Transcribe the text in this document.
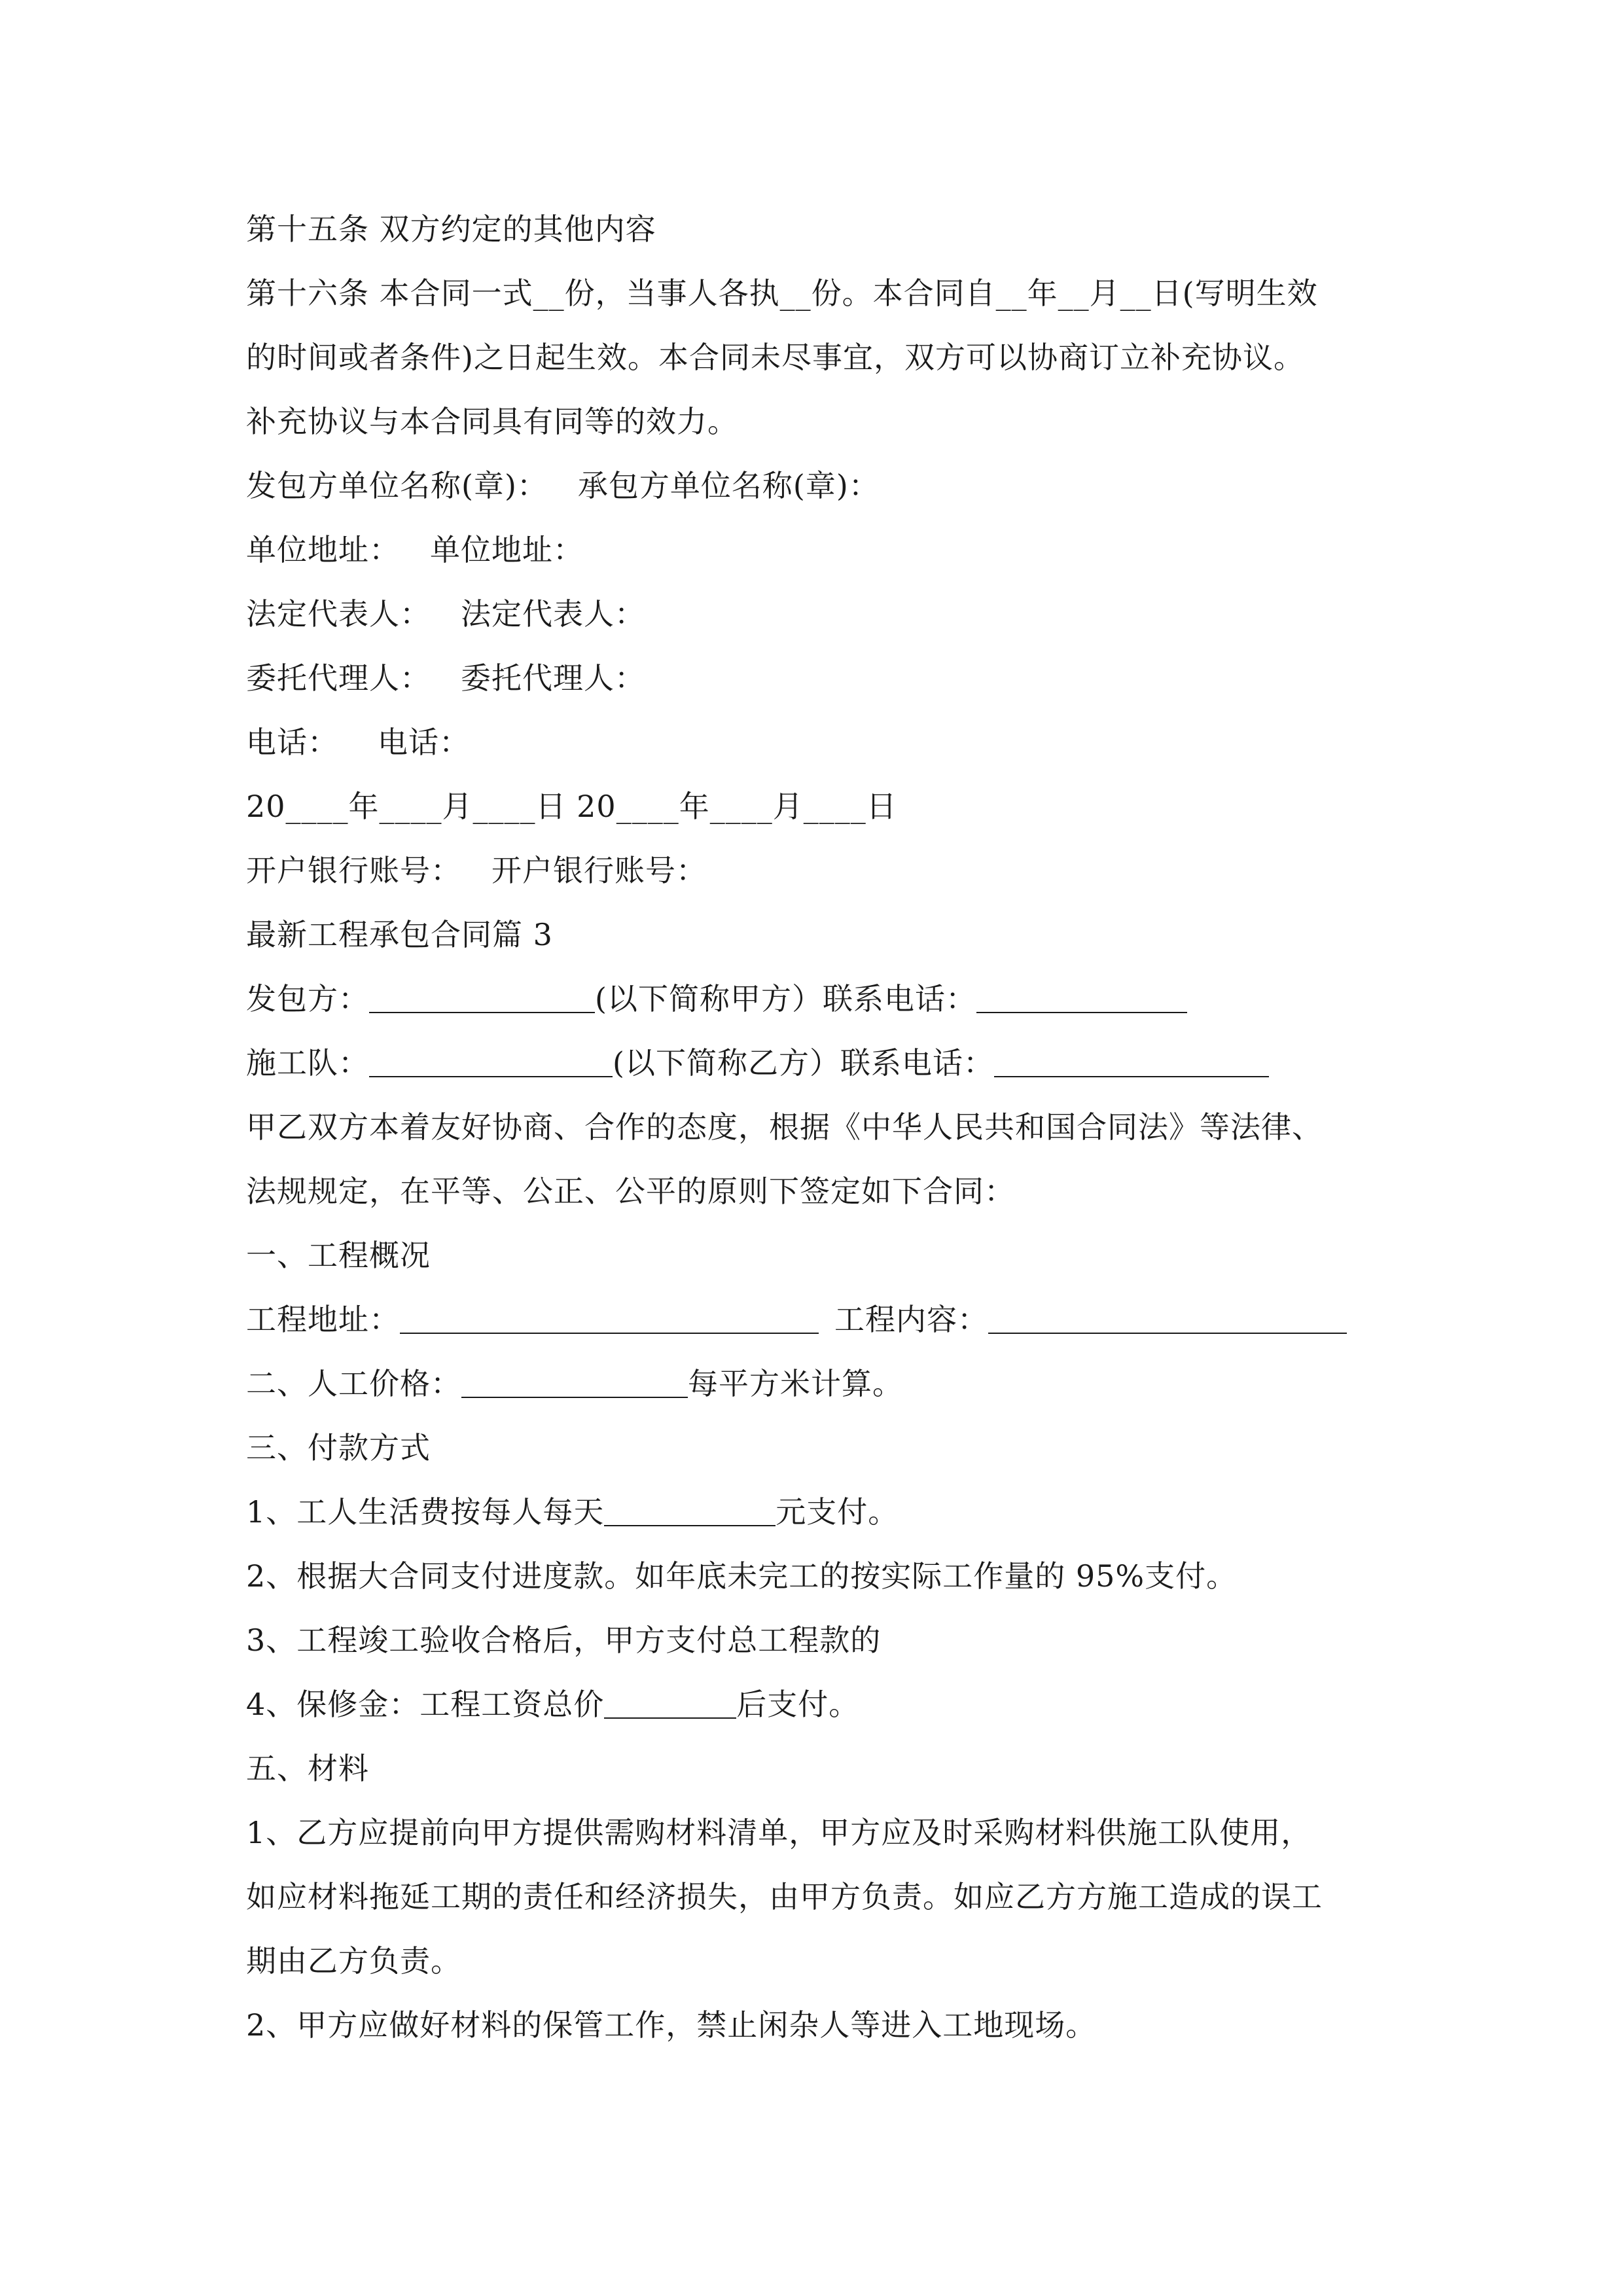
第十五条 双方约定的其他内容

第十六条 本合同一式__份，当事人各执__份。本合同自__年__月__日(写明生效

的时间或者条件)之日起生效。本合同未尽事宜，双方可以协商订立补充协议。

补充协议与本合同具有同等的效力。

发包方单位名称(章)： 承包方单位名称(章)：

单位地址： 单位地址：

法定代表人： 法定代表人：

委托代理人： 委托代理人：

电话： 电话：

20____年____月____日 20____年____月____日

开户银行账号： 开户银行账号：

最新工程承包合同篇 3

发包方：	(以下简称甲方）联系电话：

施工队：	(以下简称乙方）联系电话：

甲乙双方本着友好协商、合作的态度，根据《中华人民共和国合同法》等法律、

法规规定，在平等、公正、公平的原则下签定如下合同：

一、工程概况

工程地址：	工程内容：

二、人工价格：	每平方米计算。

三、付款方式

1、工人生活费按每人每天	元支付。

2、根据大合同支付进度款。如年底未完工的按实际工作量的 95%支付。

3、工程竣工验收合格后，甲方支付总工程款的

4、保修金：工程工资总价	后支付。

五、材料

1、乙方应提前向甲方提供需购材料清单，甲方应及时采购材料供施工队使用，

如应材料拖延工期的责任和经济损失，由甲方负责。如应乙方方施工造成的误工

期由乙方负责。

2、甲方应做好材料的保管工作，禁止闲杂人等进入工地现场。
